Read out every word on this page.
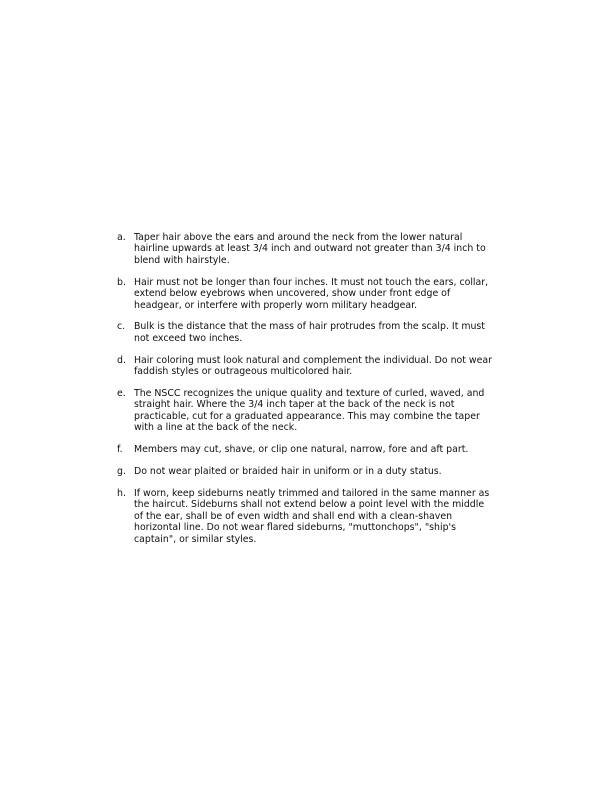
a. Taper hair above the ears and around the neck from the lower natural hairline upwards at least 3/4 inch and outward not greater than 3/4 inch to blend with hairstyle.
b. Hair must not be longer than four inches. It must not touch the ears, collar, extend below eyebrows when uncovered, show under front edge of headgear, or interfere with properly worn military headgear.
c. Bulk is the distance that the mass of hair protrudes from the scalp. It must not exceed two inches.
d. Hair coloring must look natural and complement the individual. Do not wear faddish styles or outrageous multicolored hair.
e. The NSCC recognizes the unique quality and texture of curled, waved, and straight hair. Where the 3/4 inch taper at the back of the neck is not practicable, cut for a graduated appearance. This may combine the taper with a line at the back of the neck.
f.	Members may cut, shave, or clip one natural, narrow, fore and aft part.
g. Do not wear plaited or braided hair in uniform or in a duty status.
h. If worn, keep sideburns neatly trimmed and tailored in the same manner as the haircut. Sideburns shall not extend below a point level with the middle of the ear, shall be of even width and shall end with a clean-shaven horizontal line. Do not wear flared sideburns, "muttonchops", "ship's captain", or similar styles.
